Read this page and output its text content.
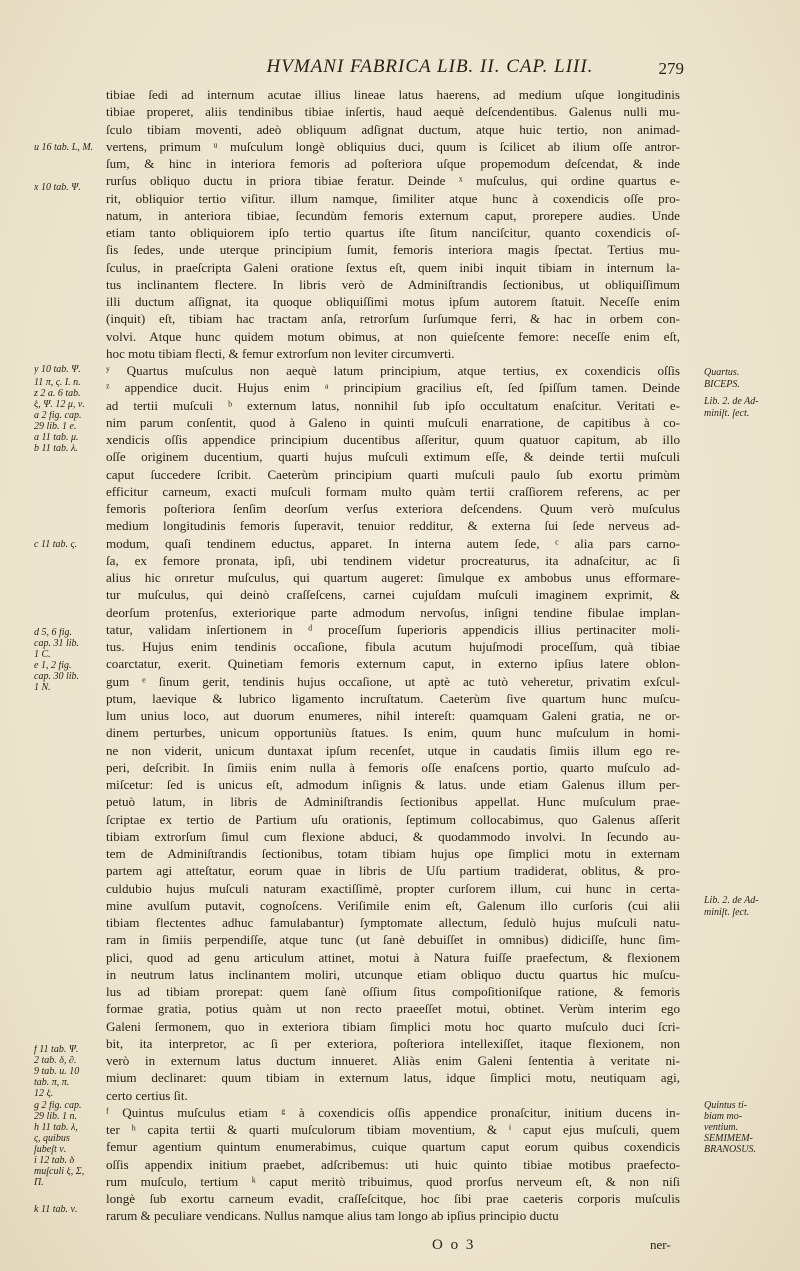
HVMANI FABRICA LIB. II. CAP. LIII.	279
tibiae ſedi ad internum acutae illius lineae latus haerens, ad medium uſque longitudinis
tibiae properet, aliis tendinibus tibiae inſertis, haud aequè deſcendentibus. Galenus nulli mu-
ſculo tibiam moventi, adeò obliquum adſignat ductum, atque huic tertio, non animad-
vertens, primum ᵘ muſculum longè obliquius duci, quum is ſcilicet ab ilium oſſe antror-
ſum, & hinc in interiora femoris ad poſteriora uſque propemodum deſcendat, & inde
rurſus obliquo ductu in priora tibiae feratur. Deinde ˣ muſculus, qui ordine quartus e-
rit, obliquior tertio viſitur. illum namque, ſimiliter atque hunc à coxendicis oſſe pro-
natum, in anteriora tibiae, ſecundùm femoris externum caput, prorepere audies. Unde
etiam tanto obliquiorem ipſo tertio quartus iſte ſitum nanciſcitur, quanto coxendicis oſ-
ſis ſedes, unde uterque principium ſumit, femoris interiora magis ſpectat. Tertius mu-
ſculus, in praeſcripta Galeni oratione ſextus eſt, quem inibi inquit tibiam in internum la-
tus inclinantem flectere. In libris verò de Adminiſtrandis ſectionibus, ut obliquiſſimum
illi ductum aſſignat, ita quoque obliquiſſimi motus ipſum autorem ſtatuit. Neceſſe enim
(inquit) eſt, tibiam hac tractam anſa, retrorſum ſurſumque ferri, & hac in orbem con-
volvi. Atque hunc quidem motum obimus, at non quieſcente femore: neceſſe enim eſt,
hoc motu tibiam flecti, & femur extrorſum non leviter circumverti.
ʸ Quartus muſculus non aequè latum principium, atque tertius, ex coxendicis oſſis
ᶻ appendice ducit. Hujus enim ᵃ principium gracilius eſt, ſed ſpiſſum tamen. Deinde
ad tertii muſculi ᵇ externum latus, nonnihil ſub ipſo occultatum enaſcitur. Veritati e-
nim parum conſentit, quod à Galeno in quinti muſculi enarratione, de capitibus à co-
xendicis oſſis appendice principium ducentibus aſſeritur, quum quatuor capitum, ab illo
oſſe originem ducentium, quarti hujus muſculi extimum eſſe, & deinde tertii muſculi
caput ſuccedere ſcribit. Caeterùm principium quarti muſculi paulo ſub exortu primùm
efficitur carneum, exacti muſculi formam multo quàm tertii craſſiorem referens, ac per
femoris poſteriora ſenſim deorſum verſus exteriora deſcendens. Quum verò muſculus
medium longitudinis femoris ſuperavit, tenuior redditur, & externa ſui ſede nerveus ad-
modum, quaſi tendinem eductus, apparet. In interna autem ſede, ᶜ alia pars carno-
ſa, ex femore pronata, ipſi, ubi tendinem videtur procreaturus, ita adnaſcitur, ac ſi
alius hic orıretur muſculus, qui quartum augeret: ſimulque ex ambobus unus efformare-
tur muſculus, qui deinò craſſeſcens, carnei cujuſdam muſculi imaginem exprimit, &
deorſum protenſus, exteriorique parte admodum nervoſus, inſigni tendine fibulae implan-
tatur, validam inſertionem in ᵈ proceſſum ſuperioris appendicis illius pertinaciter moli-
tus. Hujus enim tendinis occaſione, fibula acutum hujuſmodi proceſſum, quà tibiae
coarctatur, exerit. Quinetiam femoris externum caput, in externo ipſius latere oblon-
gum ᵉ ſinum gerit, tendinis hujus occaſione, ut aptè ac tutò veheretur, privatim exſcul-
ptum, laevique & lubrico ligamento incruſtatum. Caeterùm ſive quartum hunc muſcu-
lum unius loco, aut duorum enumeres, nihil intereſt: quamquam Galeni gratia, ne or-
dinem perturbes, unicum opportuniùs ſtatues. Is enim, quum hunc muſculum in homi-
ne non viderit, unicum duntaxat ipſum recenſet, utque in caudatis ſimiis illum ego re-
peri, deſcribit. In ſimiis enim nulla à femoris oſſe enaſcens portio, quarto muſculo ad-
miſcetur: ſed is unicus eſt, admodum inſignis & latus. unde etiam Galenus illum per-
petuò latum, in libris de Adminiſtrandis ſectionibus appellat. Hunc muſculum prae-
ſcriptae ex tertio de Partium uſu orationis, ſeptimum collocabimus, quo Galenus aſſerit
tibiam extrorſum ſimul cum flexione abduci, & quodammodo involvi. In ſecundo au-
tem de Adminiſtrandis ſectionibus, totam tibiam hujus ope ſimplici motu in externam
partem agi atteſtatur, eorum quae in libris de Uſu partium tradiderat, oblitus, & pro-
culdubio hujus muſculi naturam exactiſſimè, propter curſorem illum, cui hunc in certa-
mine avulſum putavit, cognoſcens. Veriſimile enim eſt, Galenum illo curſoris (cui alii
tibiam flectentes adhuc famulabantur) ſymptomate allectum, ſedulò hujus muſculi natu-
ram in ſimiis perpendiſſe, atque tunc (ut ſanè debuiſſet in omnibus) didiciſſe, hunc ſim-
plici, quod ad genu articulum attinet, motui à Natura fuiſſe praefectum, & flexionem
in neutrum latus inclinantem moliri, utcunque etiam obliquo ductu quartus hic muſcu-
lus ad tibiam prorepat: quem ſanè oſſium ſitus compoſitioniſque ratione, & femoris
formae gratia, potius quàm ut non recto praeeſſet motui, obtinet. Verùm interim ego
Galeni ſermonem, quo in exteriora tibiam ſimplici motu hoc quarto muſculo duci ſcri-
bit, ita interpretor, ac ſi per exteriora, poſteriora intellexiſſet, itaque flexionem, non
verò in externum latus ductum innueret. Aliàs enim Galeni ſententia à veritate ni-
mium declinaret: quum tibiam in externum latus, idque ſimplici motu, neutiquam agi,
certo certius ſit.
ᶠ Quintus muſculus etiam ᵍ à coxendicis oſſis appendice pronaſcitur, initium ducens in-
ter ʰ capita tertii & quarti muſculorum tibiam moventium, & ⁱ caput ejus muſculi, quem
femur agentium quintum enumerabimus, cuique quartum caput eorum quibus coxendicis
oſſis appendix initium praebet, adſcribemus: uti huic quinto tibiae motibus praefecto-
rum muſculo, tertium ᵏ caput meritò tribuimus, quod prorſus nerveum eſt, & non niſi
longè ſub exortu carneum evadit, craſſeſcitque, hoc ſibi prae caeteris corporis muſculis
rarum & peculiare vendicans. Nullus namque alius tam longo ab ipſius principio ductu
u 16 tab. L, M.
x 10 tab. Ψ.
y 10 tab. Ψ.
11 π, ς. I. n.
z 2 a. 6 tab.
ξ, Ψ. 12 μ, ν.
a 2 fig. cap.
29 lib. 1 e.
a 11 tab. μ.
b 11 tab. λ.
c 11 tab. ς.
d 5, 6 fig.
cap. 31 lib.
1 C.
e 1, 2 fig.
cap. 30 lib.
1 N.
f 11 tab. Ψ.
2 tab. δ, ∂.
9 tab. u. 10
tab. π, π.
12 ξ.
g 2 fig. cap.
29 lib. 1 n.
h 11 tab. λ,
ς, quibus
ſubeſt ν.
i 12 tab. δ
muſculi ξ, Σ,
Π.
k 11 tab. ν.
Quartus.
BICEPS.
Lib. 2. de Ad-
miniſt. ſect.
Lib. 2. de Ad-
miniſt. ſect.
Quintus ti-
biam mo-
ventium.
SEMIMEM-
BRANOSUS.
O o 3	ner-
